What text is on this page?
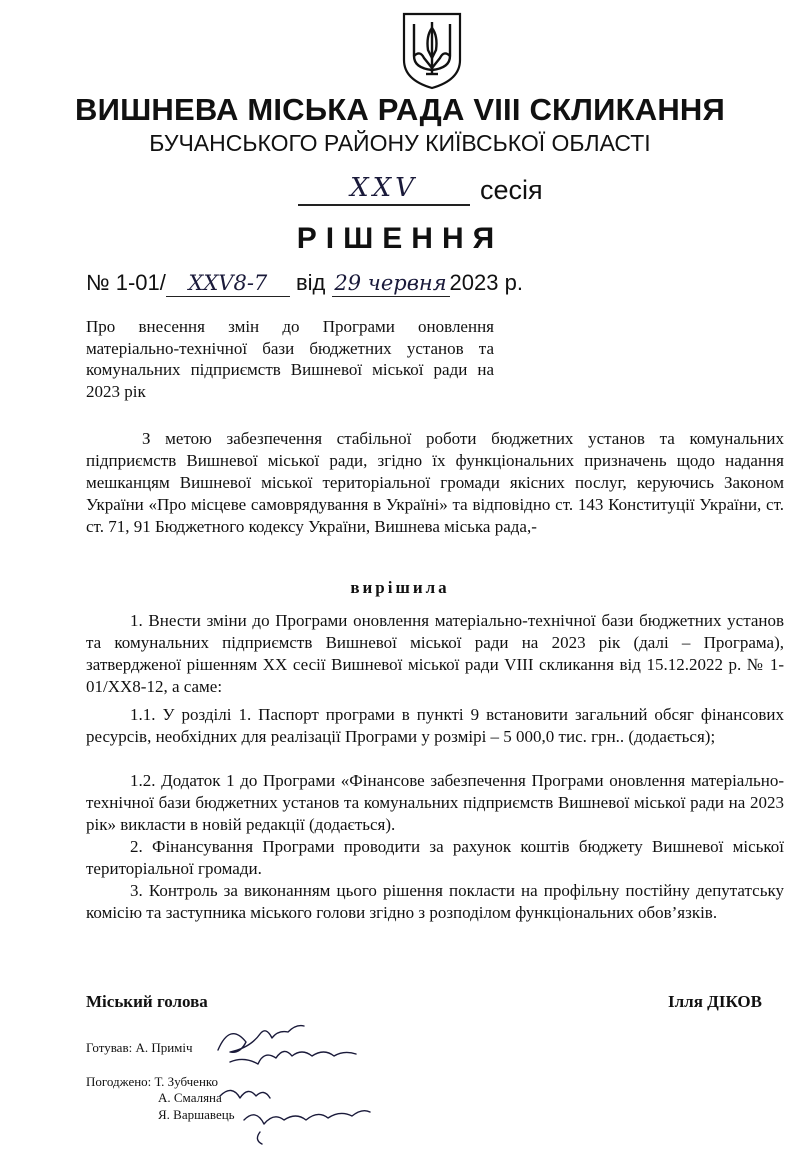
ВИШНЕВА МІСЬКА РАДА VIII СКЛИКАННЯ
БУЧАНСЬКОГО РАЙОНУ КИЇВСЬКОЇ ОБЛАСТІ
XXV сесія
РІШЕННЯ
№ 1-01/ XXV8-7 від 29 червня 2023 р.
Про внесення змін до Програми оновлення матеріально-технічної бази бюджетних установ та комунальних підприємств Вишневої міської ради на 2023 рік
З метою забезпечення стабільної роботи бюджетних установ та комунальних підприємств Вишневої міської ради, згідно їх функціональних призначень щодо надання мешканцям Вишневої міської територіальної громади якісних послуг, керуючись Законом України «Про місцеве самоврядування в Україні» та відповідно ст. 143 Конституції України, ст. ст. 71, 91 Бюджетного кодексу України, Вишнева міська рада,-
вирішила
1. Внести зміни до Програми оновлення матеріально-технічної бази бюджетних установ та комунальних підприємств Вишневої міської ради на 2023 рік (далі – Програма), затвердженої рішенням ХХ сесії Вишневої міської ради VIII скликання від 15.12.2022 р. № 1-01/ХХ8-12, а саме:
1.1. У розділі 1. Паспорт програми в пункті 9 встановити загальний обсяг фінансових ресурсів, необхідних для реалізації Програми у розмірі – 5 000,0 тис. грн.. (додається);
1.2. Додаток 1 до Програми «Фінансове забезпечення Програми оновлення матеріально-технічної бази бюджетних установ та комунальних підприємств Вишневої міської ради на 2023 рік» викласти в новій редакції (додається).
2. Фінансування Програми проводити за рахунок коштів бюджету Вишневої міської територіальної громади.
3. Контроль за виконанням цього рішення покласти на профільну постійну депутатську комісію та заступника міського голови згідно з розподілом функціональних обов’язків.
Міський голова	Ілля ДІКОВ
Готував: А. Приміч
Погоджено: Т. Зубченко
А. Смаляна
Я. Варшавець
